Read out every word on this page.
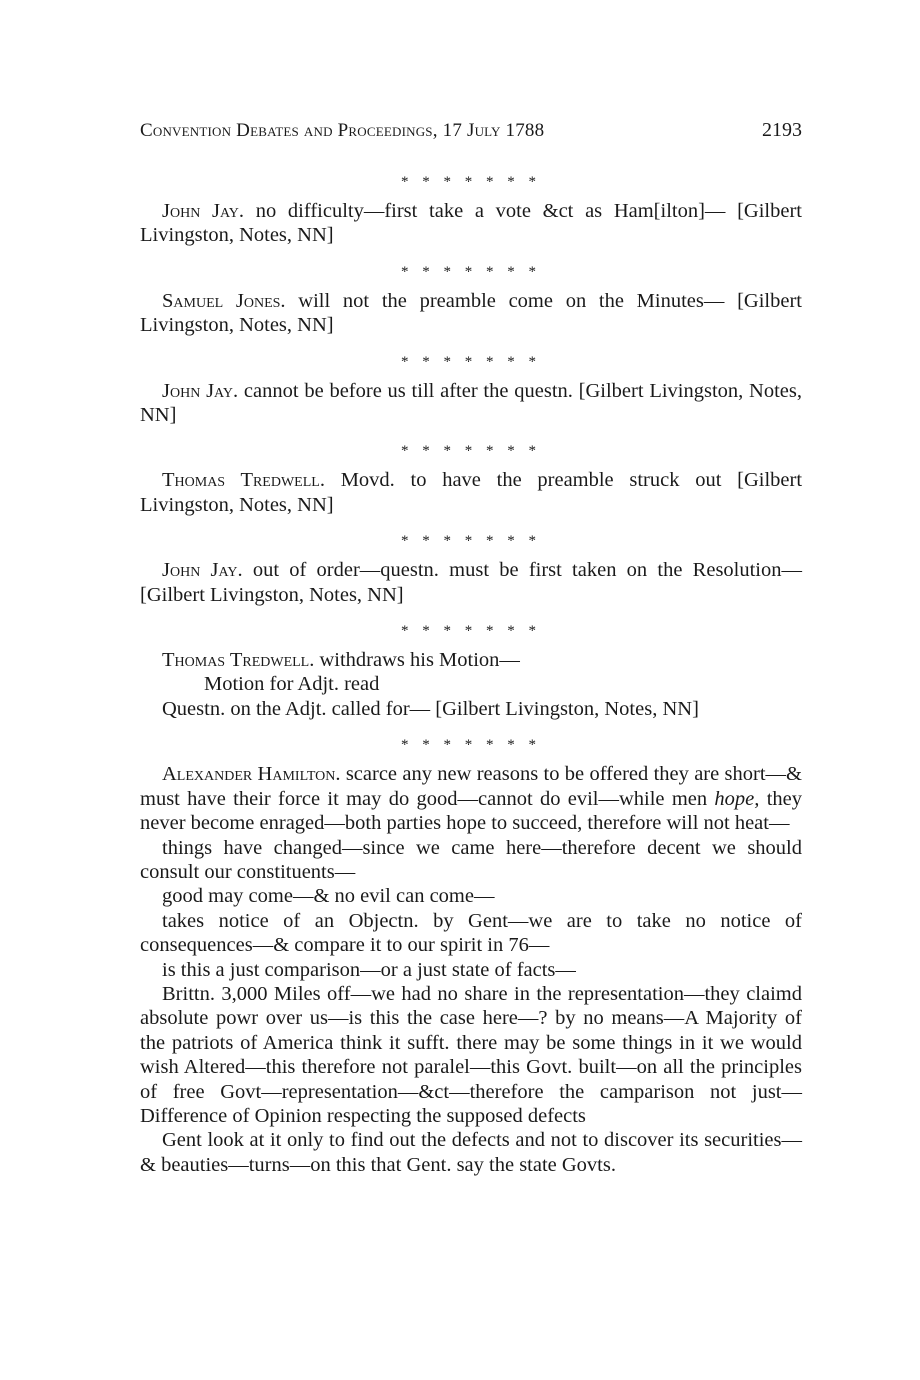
Convention Debates and Proceedings, 17 July 1788	2193
* * * * * * *

John Jay. no difficulty—first take a vote &ct as Ham[ilton]— [Gilbert Livingston, Notes, NN]

* * * * * * *

Samuel Jones. will not the preamble come on the Minutes— [Gilbert Livingston, Notes, NN]

* * * * * * *

John Jay. cannot be before us till after the questn. [Gilbert Livingston, Notes, NN]

* * * * * * *

Thomas Tredwell. Movd. to have the preamble struck out [Gilbert Livingston, Notes, NN]

* * * * * * *

John Jay. out of order—questn. must be first taken on the Resolution— [Gilbert Livingston, Notes, NN]

* * * * * * *

Thomas Tredwell. withdraws his Motion—

Motion for Adjt. read

Questn. on the Adjt. called for— [Gilbert Livingston, Notes, NN]

* * * * * * *

Alexander Hamilton. scarce any new reasons to be offered they are short—& must have their force it may do good—cannot do evil—while men hope, they never become enraged—both parties hope to succeed, therefore will not heat—

things have changed—since we came here—therefore decent we should consult our constituents—

good may come—& no evil can come—

takes notice of an Objectn. by Gent—we are to take no notice of consequences—& compare it to our spirit in 76—

is this a just comparison—or a just state of facts—

Brittn. 3,000 Miles off—we had no share in the representation—they claimd absolute powr over us—is this the case here—? by no means—A Majority of the patriots of America think it sufft. there may be some things in it we would wish Altered—this therefore not paralel—this Govt. built—on all the principles of free Govt—representation—&ct—therefore the camparison not just—Difference of Opinion respecting the supposed defects

Gent look at it only to find out the defects and not to discover its securities—& beauties—turns—on this that Gent. say the state Govts.
